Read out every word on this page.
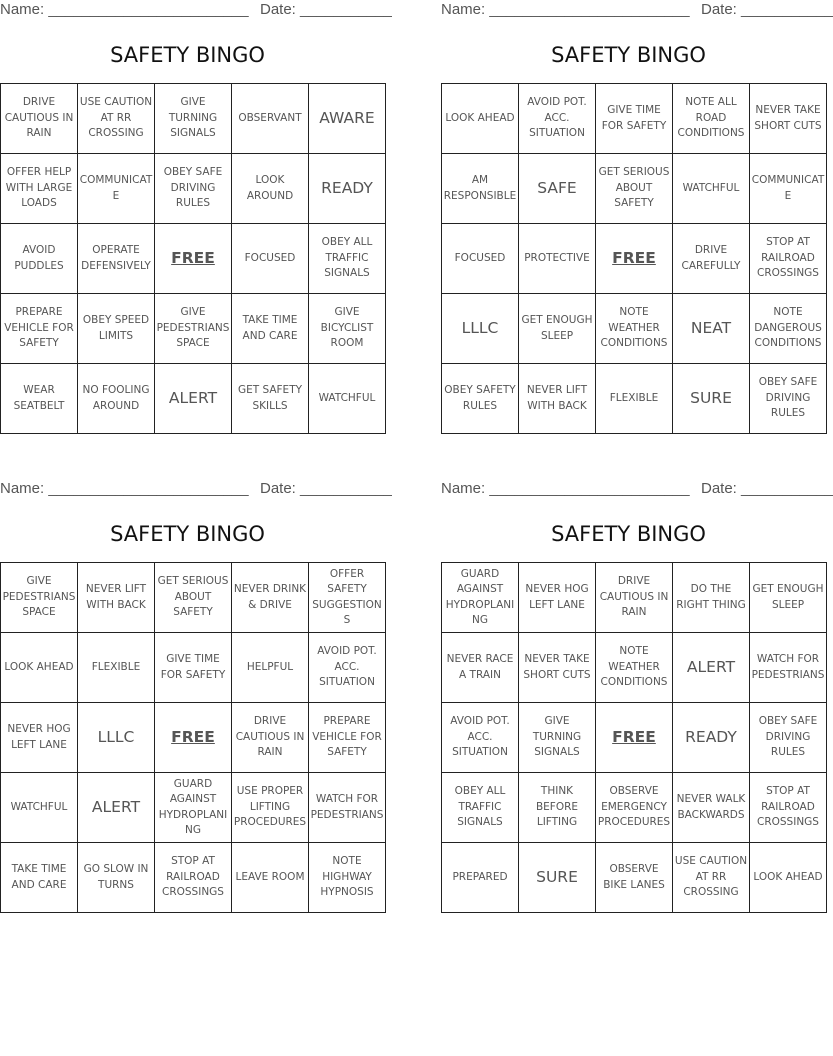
Name: ________________________ Date: ___________
SAFETY BINGO
DRIVE CAUTIOUS IN RAIN	USE CAUTION AT RR CROSSING	GIVE TURNING SIGNALS	OBSERVANT	AWARE
OFFER HELP WITH LARGE LOADS	COMMUNICATE	OBEY SAFE DRIVING RULES	LOOK AROUND	READY
AVOID PUDDLES	OPERATE DEFENSIVELY	FREE	FOCUSED	OBEY ALL TRAFFIC SIGNALS
PREPARE VEHICLE FOR SAFETY	OBEY SPEED LIMITS	GIVE PEDESTRIANS SPACE	TAKE TIME AND CARE	GIVE BICYCLIST ROOM
WEAR SEATBELT	NO FOOLING AROUND	ALERT	GET SAFETY SKILLS	WATCHFUL
Name: ________________________ Date: ___________
SAFETY BINGO
LOOK AHEAD	AVOID POT. ACC. SITUATION	GIVE TIME FOR SAFETY	NOTE ALL ROAD CONDITIONS	NEVER TAKE SHORT CUTS
AM RESPONSIBLE	SAFE	GET SERIOUS ABOUT SAFETY	WATCHFUL	COMMUNICATE
FOCUSED	PROTECTIVE	FREE	DRIVE CAREFULLY	STOP AT RAILROAD CROSSINGS
LLLC	GET ENOUGH SLEEP	NOTE WEATHER CONDITIONS	NEAT	NOTE DANGEROUS CONDITIONS
OBEY SAFETY RULES	NEVER LIFT WITH BACK	FLEXIBLE	SURE	OBEY SAFE DRIVING RULES
Name: ________________________ Date: ___________
SAFETY BINGO
GIVE PEDESTRIANS SPACE	NEVER LIFT WITH BACK	GET SERIOUS ABOUT SAFETY	NEVER DRINK & DRIVE	OFFER SAFETY SUGGESTIONS
LOOK AHEAD	FLEXIBLE	GIVE TIME FOR SAFETY	HELPFUL	AVOID POT. ACC. SITUATION
NEVER HOG LEFT LANE	LLLC	FREE	DRIVE CAUTIOUS IN RAIN	PREPARE VEHICLE FOR SAFETY
WATCHFUL	ALERT	GUARD AGAINST HYDROPLANING	USE PROPER LIFTING PROCEDURES	WATCH FOR PEDESTRIANS
TAKE TIME AND CARE	GO SLOW IN TURNS	STOP AT RAILROAD CROSSINGS	LEAVE ROOM	NOTE HIGHWAY HYPNOSIS
Name: ________________________ Date: ___________
SAFETY BINGO
GUARD AGAINST HYDROPLANING	NEVER HOG LEFT LANE	DRIVE CAUTIOUS IN RAIN	DO THE RIGHT THING	GET ENOUGH SLEEP
NEVER RACE A TRAIN	NEVER TAKE SHORT CUTS	NOTE WEATHER CONDITIONS	ALERT	WATCH FOR PEDESTRIANS
AVOID POT. ACC. SITUATION	GIVE TURNING SIGNALS	FREE	READY	OBEY SAFE DRIVING RULES
OBEY ALL TRAFFIC SIGNALS	THINK BEFORE LIFTING	OBSERVE EMERGENCY PROCEDURES	NEVER WALK BACKWARDS	STOP AT RAILROAD CROSSINGS
PREPARED	SURE	OBSERVE BIKE LANES	USE CAUTION AT RR CROSSING	LOOK AHEAD
